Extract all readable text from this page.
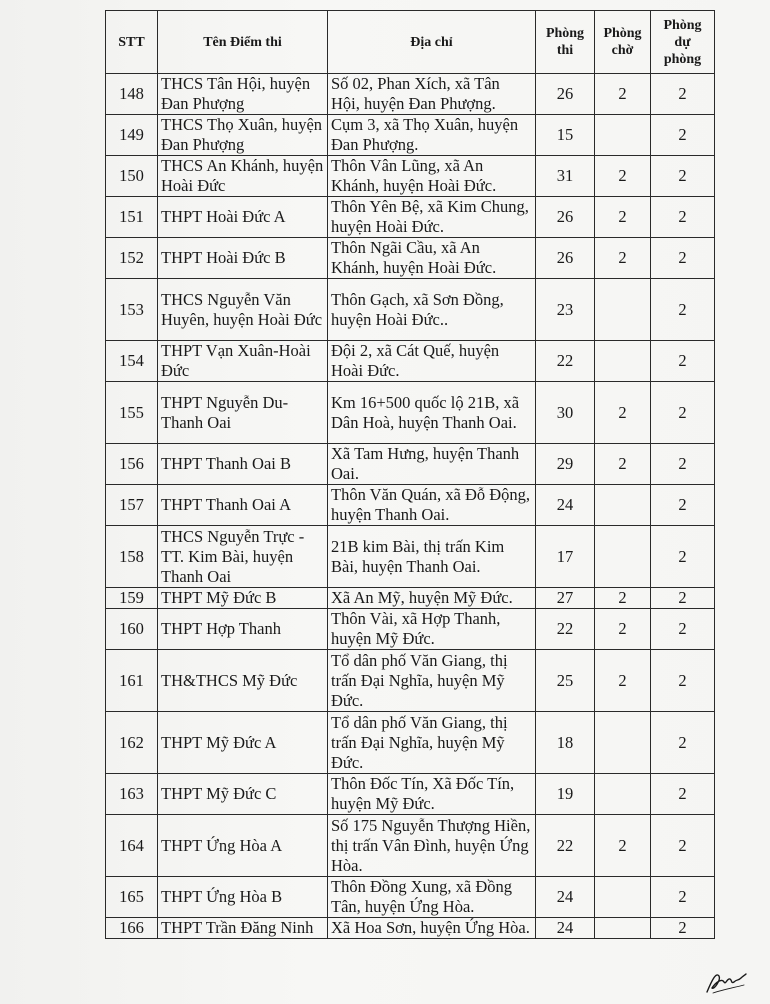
STT	Tên Điểm thi	Địa chỉ	Phòng thi	Phòng chờ	Phòng dự phòng
148	THCS Tân Hội, huyện Đan Phượng	Số 02, Phan Xích, xã Tân Hội, huyện Đan Phượng.	26	2	2
149	THCS Thọ Xuân, huyện Đan Phượng	Cụm 3, xã Thọ Xuân, huyện Đan Phượng.	15		2
150	THCS An Khánh, huyện Hoài Đức	Thôn Vân Lũng, xã An Khánh, huyện Hoài Đức.	31	2	2
151	THPT Hoài Đức A	Thôn Yên Bệ, xã Kim Chung, huyện Hoài Đức.	26	2	2
152	THPT Hoài Đức B	Thôn Ngãi Cầu, xã An Khánh, huyện Hoài Đức.	26	2	2
153	THCS Nguyễn Văn Huyên, huyện Hoài Đức	Thôn Gạch, xã Sơn Đồng, huyện Hoài Đức..	23		2
154	THPT Vạn Xuân-Hoài Đức	Đội 2, xã Cát Quế, huyện Hoài Đức.	22		2
155	THPT Nguyễn Du-Thanh Oai	Km 16+500 quốc lộ 21B, xã Dân Hoà, huyện Thanh Oai.	30	2	2
156	THPT Thanh Oai B	Xã Tam Hưng, huyện Thanh Oai.	29	2	2
157	THPT Thanh Oai A	Thôn Văn Quán, xã Đỗ Động, huyện Thanh Oai.	24		2
158	THCS Nguyễn Trực - TT. Kim Bài, huyện Thanh Oai	21B kim Bài, thị trấn Kim Bài, huyện Thanh Oai.	17		2
159	THPT Mỹ Đức B	Xã An Mỹ, huyện Mỹ Đức.	27	2	2
160	THPT Hợp Thanh	Thôn Vài, xã Hợp Thanh, huyện Mỹ Đức.	22	2	2
161	TH&THCS Mỹ Đức	Tổ dân phố Văn Giang, thị trấn Đại Nghĩa, huyện Mỹ Đức.	25	2	2
162	THPT Mỹ Đức A	Tổ dân phố Văn Giang, thị trấn Đại Nghĩa, huyện Mỹ Đức.	18		2
163	THPT Mỹ Đức C	Thôn Đốc Tín, Xã Đốc Tín, huyện Mỹ Đức.	19		2
164	THPT Ứng Hòa A	Số 175 Nguyễn Thượng Hiền, thị trấn Vân Đình, huyện Ứng Hòa.	22	2	2
165	THPT Ứng Hòa B	Thôn Đồng Xung, xã Đồng Tân, huyện Ứng Hòa.	24		2
166	THPT Trần Đăng Ninh	Xã Hoa Sơn, huyện Ứng Hòa.	24		2
